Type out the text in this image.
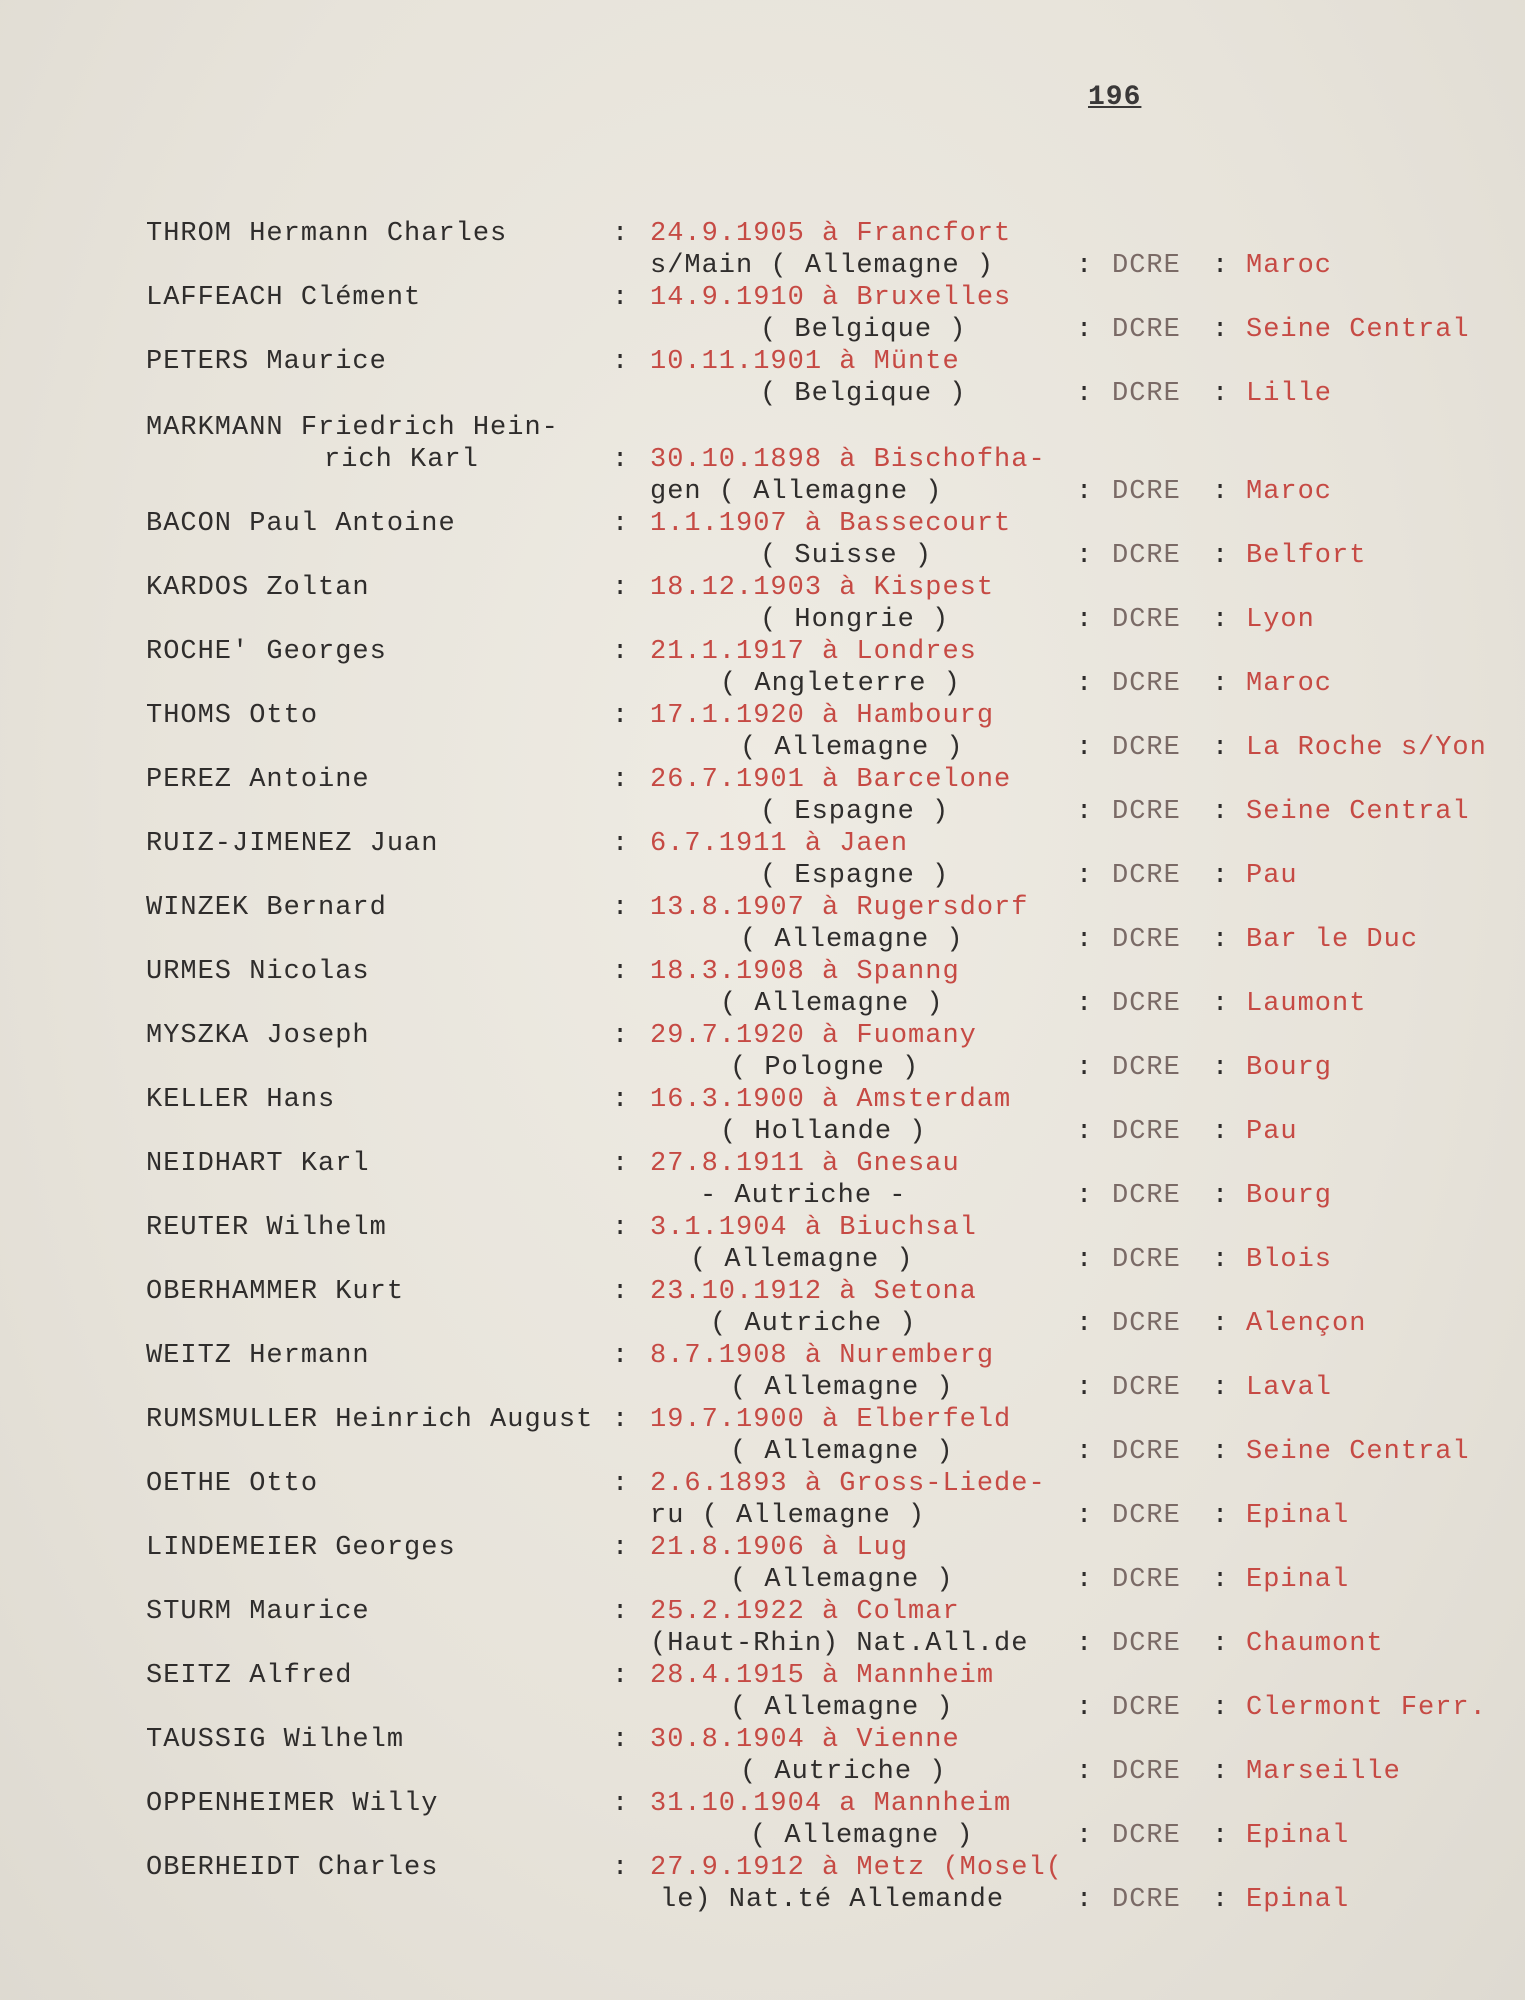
196
THROM Hermann Charles	: 24.9.1905 à Francfort
s/Main ( Allemagne )	: DCRE : Maroc
LAFFEACH Clément	: 14.9.1910 à Bruxelles
( Belgique )	: DCRE : Seine Central
PETERS Maurice	: 10.11.1901 à Münte
( Belgique )	: DCRE : Lille
MARKMANN Friedrich Hein-
rich Karl	: 30.10.1898 à Bischofha-
gen ( Allemagne )	: DCRE : Maroc
BACON Paul Antoine	: 1.1.1907 à Bassecourt
( Suisse )	: DCRE : Belfort
KARDOS Zoltan	: 18.12.1903 à Kispest
( Hongrie )	: DCRE : Lyon
ROCHE' Georges	: 21.1.1917 à Londres
( Angleterre )	: DCRE : Maroc
THOMS Otto	: 17.1.1920 à Hambourg
( Allemagne )	: DCRE : La Roche s/Yon
PEREZ Antoine	: 26.7.1901 à Barcelone
( Espagne )	: DCRE : Seine Central
RUIZ-JIMENEZ Juan	: 6.7.1911 à Jaen
( Espagne )	: DCRE : Pau
WINZEK Bernard	: 13.8.1907 à Rugersdorf
( Allemagne )	: DCRE : Bar le Duc
URMES Nicolas	: 18.3.1908 à Spanng
( Allemagne )	: DCRE : Laumont
MYSZKA Joseph	: 29.7.1920 à Fuomany
( Pologne )	: DCRE : Bourg
KELLER Hans	: 16.3.1900 à Amsterdam
( Hollande )	: DCRE : Pau
NEIDHART Karl	: 27.8.1911 à Gnesau
- Autriche -	: DCRE : Bourg
REUTER Wilhelm	: 3.1.1904 à Biuchsal
( Allemagne )	: DCRE : Blois
OBERHAMMER Kurt	: 23.10.1912 à Setona
( Autriche )	: DCRE : Alençon
WEITZ Hermann	: 8.7.1908 à Nuremberg
( Allemagne )	: DCRE : Laval
RUMSMULLER Heinrich August : 19.7.1900 à Elberfeld
( Allemagne )	: DCRE : Seine Central
OETHE Otto	: 2.6.1893 à Gross-Liede-
ru ( Allemagne )	: DCRE : Epinal
LINDEMEIER Georges	: 21.8.1906 à Lug
( Allemagne )	: DCRE : Epinal
STURM Maurice	: 25.2.1922 à Colmar
(Haut-Rhin) Nat.All.de : DCRE : Chaumont
SEITZ Alfred	: 28.4.1915 à Mannheim
( Allemagne )	: DCRE : Clermont Ferr.
TAUSSIG Wilhelm	: 30.8.1904 à Vienne
( Autriche )	: DCRE : Marseille
OPPENHEIMER Willy	: 31.10.1904 a Mannheim
( Allemagne )	: DCRE : Epinal
OBERHEIDT Charles	: 27.9.1912 à Metz (Mosel(
le) Nat.té Allemande	: DCRE : Epinal
